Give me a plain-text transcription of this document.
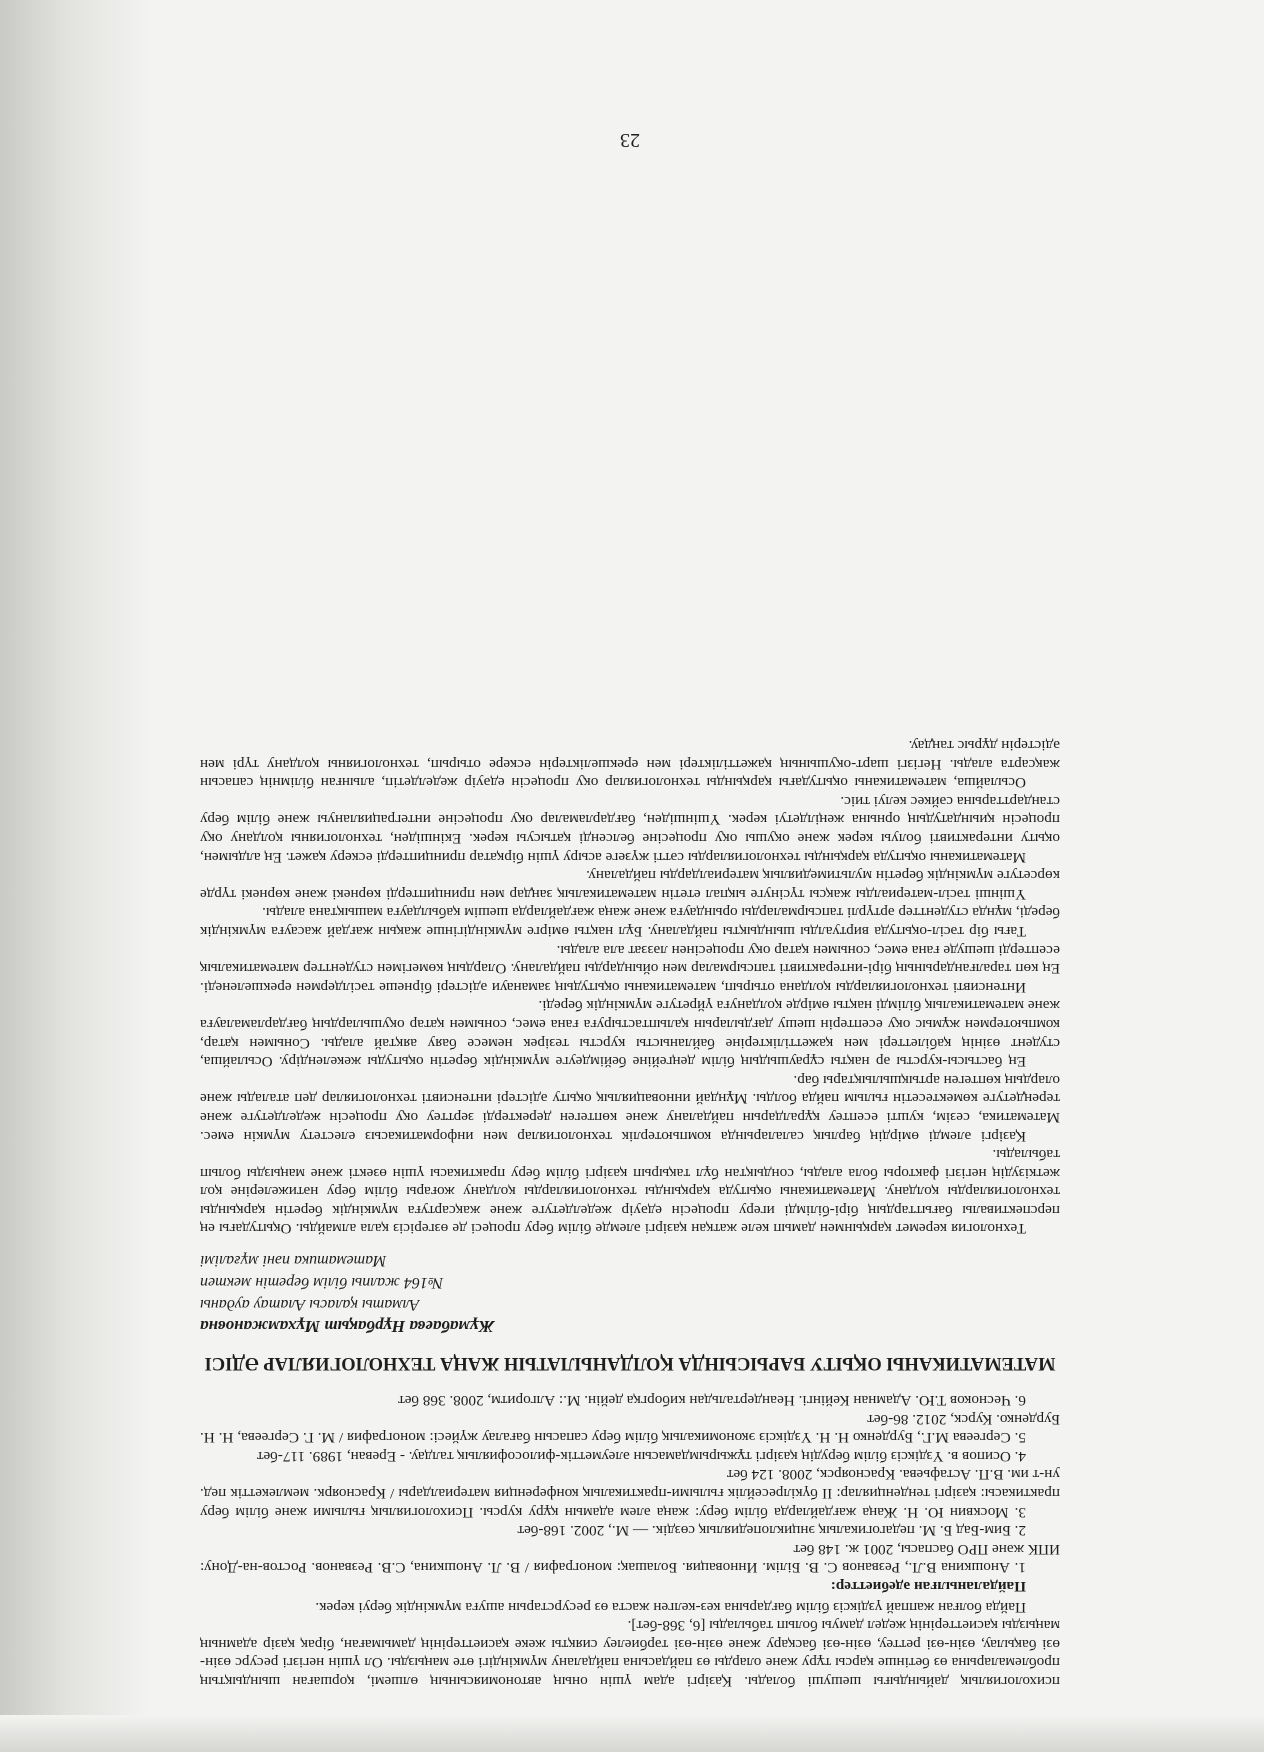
психологиялық дайындығы шешуші болады. Қазіргі адам үшін оның автономиясының өлшемі, қоршаған шындықтың проблемаларына өз бетінше қарсы тұру және оларды өз пайдасына пайдалану мүмкіндігі өте маңызды. Ол үшін негізгі ресурс өзін-өзі бақылау, өзін-өзі реттеу, өзін-өзі басқару және өзін-өзі тәрбиелеу сияқты жеке қасиеттерінің дамымаған, бірақ қазір адамның маңызды қасиеттерінің жедел дамуы болып табылады [6, 368-бет].

Пайда болған жаппай үздіксіз білім бағдарына кез-келген жаста өз ресурстарын ашуға мүмкіндік беруі керек.

Пайдаланылған әдебиеттер:

1. Аношкина В.Л., Резванов С. В. Білім. Инновация. Болашақ: монография / В. Л. Аношкина, С.В. Резванов. Ростов-на-Дону: ИПК және ПРО баспасы, 2001 ж. 148 бет

2. Бим-Бад Б. М. педагогикалық энциклопедиялық сөздік. — М., 2002. 168-бет

3. Москвин Ю. Н. Жаңа жағдайларда білім беру: жаңа әлем адамын құру курсы. Психологиялық ғылыми және білім беру практикасы: қазіргі тенденциялар: II бүкілресейлік ғылыми-практикалық конференция материалдары / Красноярк. мемлекеттік пед. ун-т им. В.П. Астафьева. Красноярск, 2008. 124 бет

4. Осипов в. Үздіксіз білім берудің қазіргі тұжырымдамасын әлеуметтік-философиялық талдау. - Ереван, 1989. 117-бет

5. Сергеева М.Г., Бурденко Н. Н. Үздіксіз экономикалық білім беру сапасын бағалау жүйесі: монография / М. Г. Сергеева, Н. Н. Бурденко. Курск, 2012. 86-бет

6. Чесноков Т.Ю. Адамнан Кейінгі. Неандертальдан киборгқа дейін. М.: Алгоритм, 2008. 368 бет

МАТЕМАТИКАНЫ ОҚЫТУ БАРЫСЫНДА ҚОЛДАНЫЛАТЫН ЖАҢА ТЕХНОЛОГИЯЛАР ӘДІСІ
Жұмабаева Нұрбақыт Мұхамжановна
Алматы қаласы Алатау ауданы
№164 жалпы білім беретін мектеп
Математика пәні мұғалімі

Технология керемет қарқынмен дамып келе жатқан қазіргі әлемде білім беру процесі де өзгерісіз қала алмайды. Оқытудағы ең перспективалы бағыттардың бірі-білімді игеру процесін едәуір жеделдетуге және жақсартуға мүмкіндік беретін қарқынды технологияларды қолдану. Математиканы оқытуда қарқынды технологияларды қолдану жоғары білім беру нәтижелеріне қол жеткізудің негізгі факторы бола алады, сондықтан бұл тақырып қазіргі білім беру практикасы үшін өзекті және маңызды болып табылады.

Қазіргі әлемді өмірдің барлық салаларында компьютерлік технологиялар мен информатикасыз елестету мүмкін емес. Математика, сезім, кушті есептеу құралдарын пайдалану және көптеген деректерді зерттеу оқу процесін жеделдетуге және тереңдетуге көмектесетін ғылым пайда болды. Мұндай инновациялық оқыту әдістері интенсивті технологиялар деп аталады және олардың көптеген артықшылықтары бар.

Ең бастысы-курсты әр нақты сұраушыдың білім деңгейіне бейімдеуге мүмкіндік беретін оқытуды жекелендіру. Осылайша, студент өзінің қабілеттері мен қажеттіліктеріне байланысты курсты тезірек немесе баяу аяқтай алады. Сонымен қатар, компьютермен жұмыс оқу есептерін шешу дағдыларын қалыптастыруға ғана емес, сонымен қатар оқушылардың бағдарламалауға және математикалық білімді нақты өмірде қолдануға үйретуге мүмкіндік береді.

Интенсивті технологияларды қолдана отырып, математиканы оқытудың заманауи әдістері бірнеше тәсілдермен ерекшеленеді. Ең көп таралғандарының бірі-интерактивті тапсырмалар мен ойындарды пайдалану. Олардың көмегімен студенттер математикалық есептерді шешуде ғана емес, сонымен қатар оқу процесінен ләззат ала алады.

Тағы бір тәсіл-оқытуда виртуалды шындықты пайдалану. Бұл нақты өмірге мүмкіндігінше жақын жағдай жасауға мүмкіндік береді, мұнда студенттер әртүрлі тапсырмаларды орындауға және жаңа жағдайларда шешім қабылдауға машықтана алады.

Үшінші тәсіл-материалды жақсы түсінуге ықпал ететін математикалық заңдар мен принциптерді көрнекі және көрнекі түрде көрсетуге мүмкіндік беретін мультимедиялық материалдарды пайдалану.

Математиканы оқытуда қарқынды технологияларды сәтті жүзеге асыру үшін бірқатар принциптерді ескеру қажет. Ең алдымен, оқыту интерактивті болуы керек және оқушы оқу процесіне белсенді қатысуы керек. Екіншіден, технологияны қолдану оқу процесін қиындатудың орнына жеңілдетуі керек. Үшіншіден, бағдарламалар оқу процесіне интеграциялануы және білім беру стандарттарына сәйкес келуі тиіс.

Осылайша, математиканы оқытудағы қарқынды технологиялар оқу процесін едәуір жеделдетіп, алынған білімнің сапасын жақсарта алады. Негізгі шарт-оқушының қажеттіліктері мен ерекшеліктерін ескере отырып, технологияны қолдану түрі мен әдістерін дұрыс таңдау.

23
